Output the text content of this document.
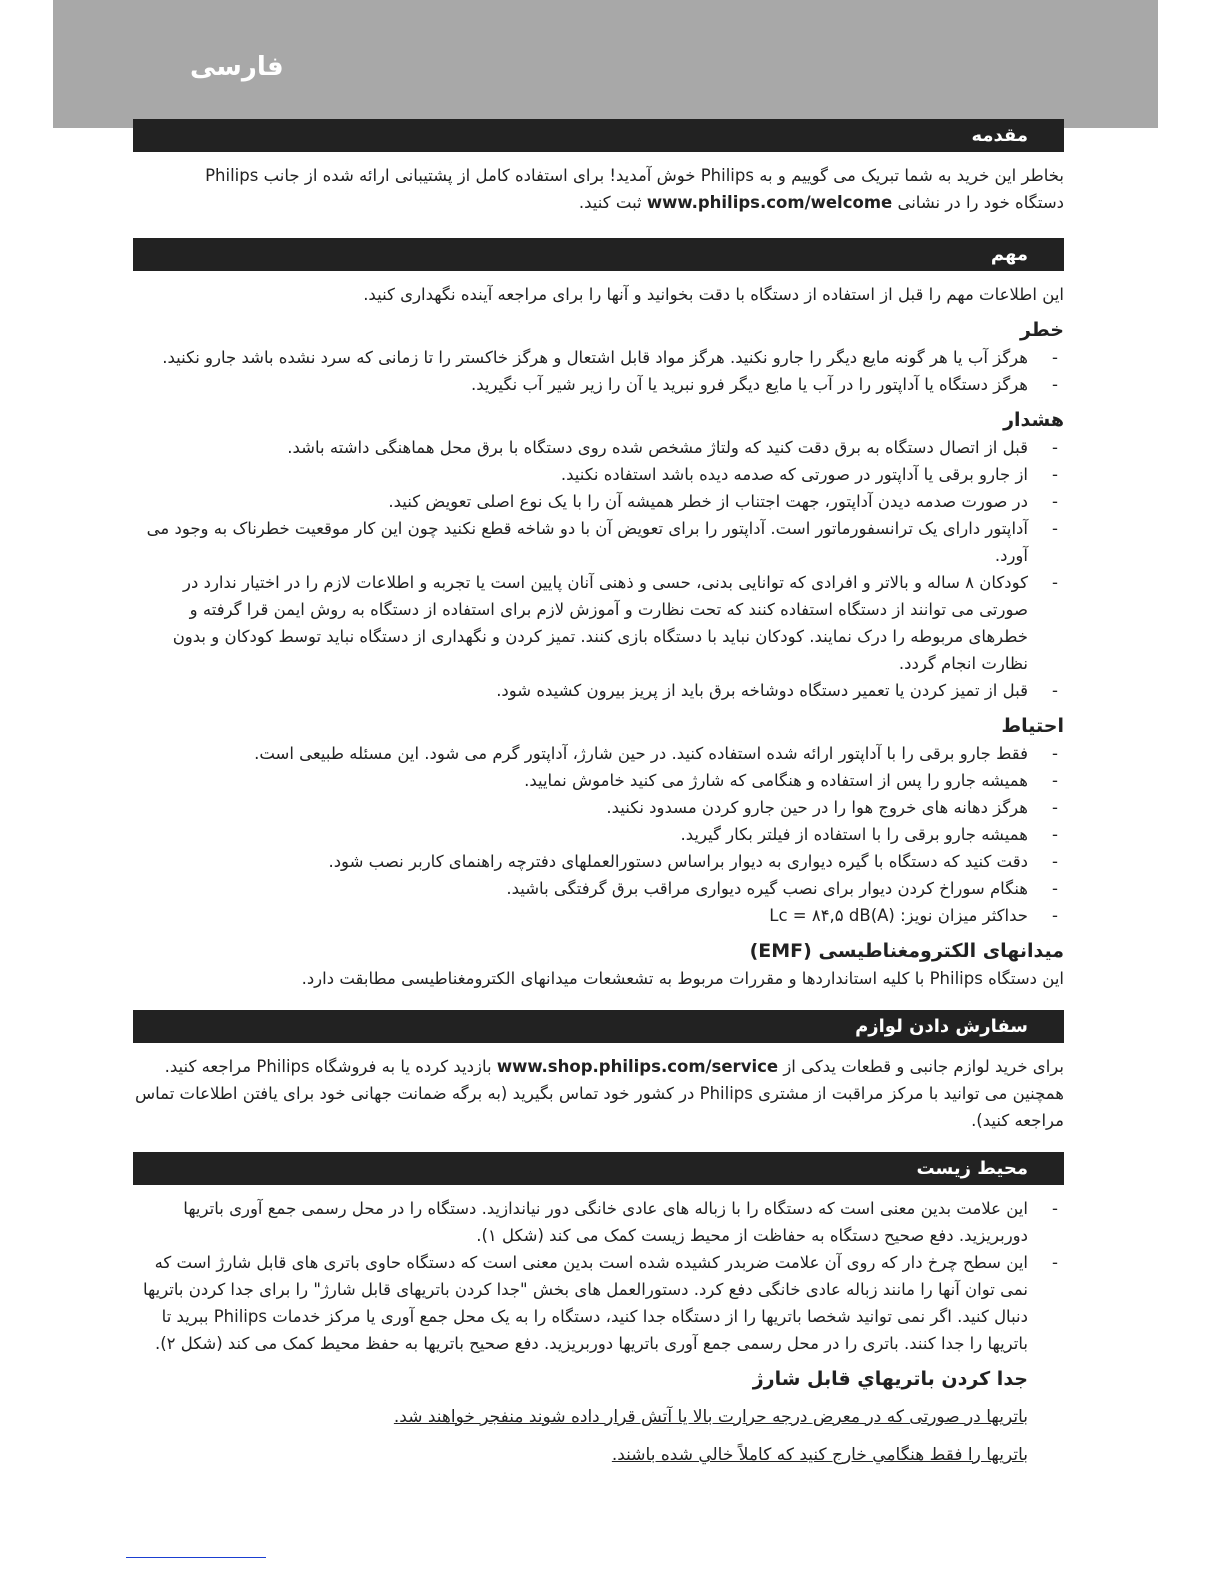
فارسی
مقدمه

بخاطر این خرید به شما تبریک می گوییم و به Philips خوش آمدید! برای استفاده کامل از پشتیبانی ارائه شده از جانب Philips
دستگاه خود را در نشانی www.philips.com/welcome ثبت کنید.

مهم

این اطلاعات مهم را قبل از استفاده از دستگاه با دقت بخوانید و آنها را برای مراجعه آینده نگهداری کنید.

خطر
- هرگز آب یا هر گونه مایع دیگر را جارو نکنید. هرگز مواد قابل اشتعال و هرگز خاکستر را تا زمانی که سرد نشده باشد جارو نکنید.
- هرگز دستگاه یا آداپتور را در آب یا مایع دیگر فرو نبرید یا آن را زیر شیر آب نگیرید.
هشدار
- قبل از اتصال دستگاه به برق دقت کنید که ولتاژ مشخص شده روی دستگاه با برق محل هماهنگی داشته باشد.
- از جارو برقی یا آداپتور در صورتی که صدمه دیده باشد استفاده نکنید.
- در صورت صدمه دیدن آداپتور، جهت اجتناب از خطر همیشه آن را با یک نوع اصلی تعویض کنید.
- آداپتور دارای یک ترانسفورماتور است. آداپتور را برای تعویض آن با دو شاخه قطع نکنید چون این کار موقعیت خطرناک به وجود می آورد.
- کودکان ۸ ساله و بالاتر و افرادی که توانایی بدنی، حسی و ذهنی آنان پایین است یا تجربه و اطلاعات لازم را در اختیار ندارد در صورتی می توانند از دستگاه استفاده کنند که تحت نظارت و آموزش لازم برای استفاده از دستگاه به روش ایمن قرا گرفته و خطرهای مربوطه را درک نمایند. کودکان نباید با دستگاه بازی کنند. تمیز کردن و نگهداری از دستگاه نباید توسط کودکان و بدون نظارت انجام گردد.
- قبل از تمیز کردن یا تعمیر دستگاه دوشاخه برق باید از پریز بیرون کشیده شود.
احتیاط
- فقط جارو برقی را با آداپتور ارائه شده استفاده کنید. در حین شارژ، آداپتور گرم می شود. این مسئله طبیعی است.
- همیشه جارو را پس از استفاده و هنگامی که شارژ می کنید خاموش نمایید.
- هرگز دهانه های خروج هوا را در حین جارو کردن مسدود نکنید.
- همیشه جارو برقی را با استفاده از فیلتر بکار گیرید.
- دقت کنید که دستگاه با گیره دیواری به دیوار براساس دستورالعملهای دفترچه راهنمای کاربر نصب شود.
- هنگام سوراخ کردن دیوار برای نصب گیره دیواری مراقب برق گرفتگی باشید.
- حداکثر میزان نویز: Lc = ۸۴,۵ dB(A)
میدانهای الکترومغناطیسی (EMF)

این دستگاه Philips با کلیه استانداردها و مقررات مربوط به تشعشعات میدانهای الکترومغناطیسی مطابقت دارد.

سفارش دادن لوازم

برای خرید لوازم جانبی و قطعات یدکی از www.shop.philips.com/service بازدید کرده یا به فروشگاه Philips مراجعه کنید. همچنین می توانید با مرکز مراقبت از مشتری Philips در کشور خود تماس بگیرید (به برگه ضمانت جهانی خود برای یافتن اطلاعات تماس مراجعه کنید).

محیط زیست
- این علامت بدین معنی است که دستگاه را با زباله های عادی خانگی دور نیاندازید. دستگاه را در محل رسمی جمع آوری باتریها دوربریزید. دفع صحیح دستگاه به حفاظت از محیط زیست کمک می کند (شکل ۱).
- این سطح چرخ دار که روی آن علامت ضربدر کشیده شده است بدین معنی است که دستگاه حاوی باتری های قابل شارژ است که نمی توان آنها را مانند زباله عادی خانگی دفع کرد. دستورالعمل های بخش "جدا کردن باتریهای قابل شارژ" را برای جدا کردن باتریها دنبال کنید. اگر نمی توانید شخصا باتریها را از دستگاه جدا کنید، دستگاه را به یک محل جمع آوری یا مرکز خدمات Philips ببرید تا باتریها را جدا کنند. باتری را در محل رسمی جمع آوری باتریها دوربریزید. دفع صحیح باتریها به حفظ محیط کمک می کند (شکل ۲).
جدا کردن باتریهاي قابل شارژ
باتریها در صورتی که در معرض درجه حرارت بالا یا آتش قرار داده شوند منفجر خواهند شد.
باتریها را فقط هنگامي خارج کنید که کاملاً خالي شده باشند.
